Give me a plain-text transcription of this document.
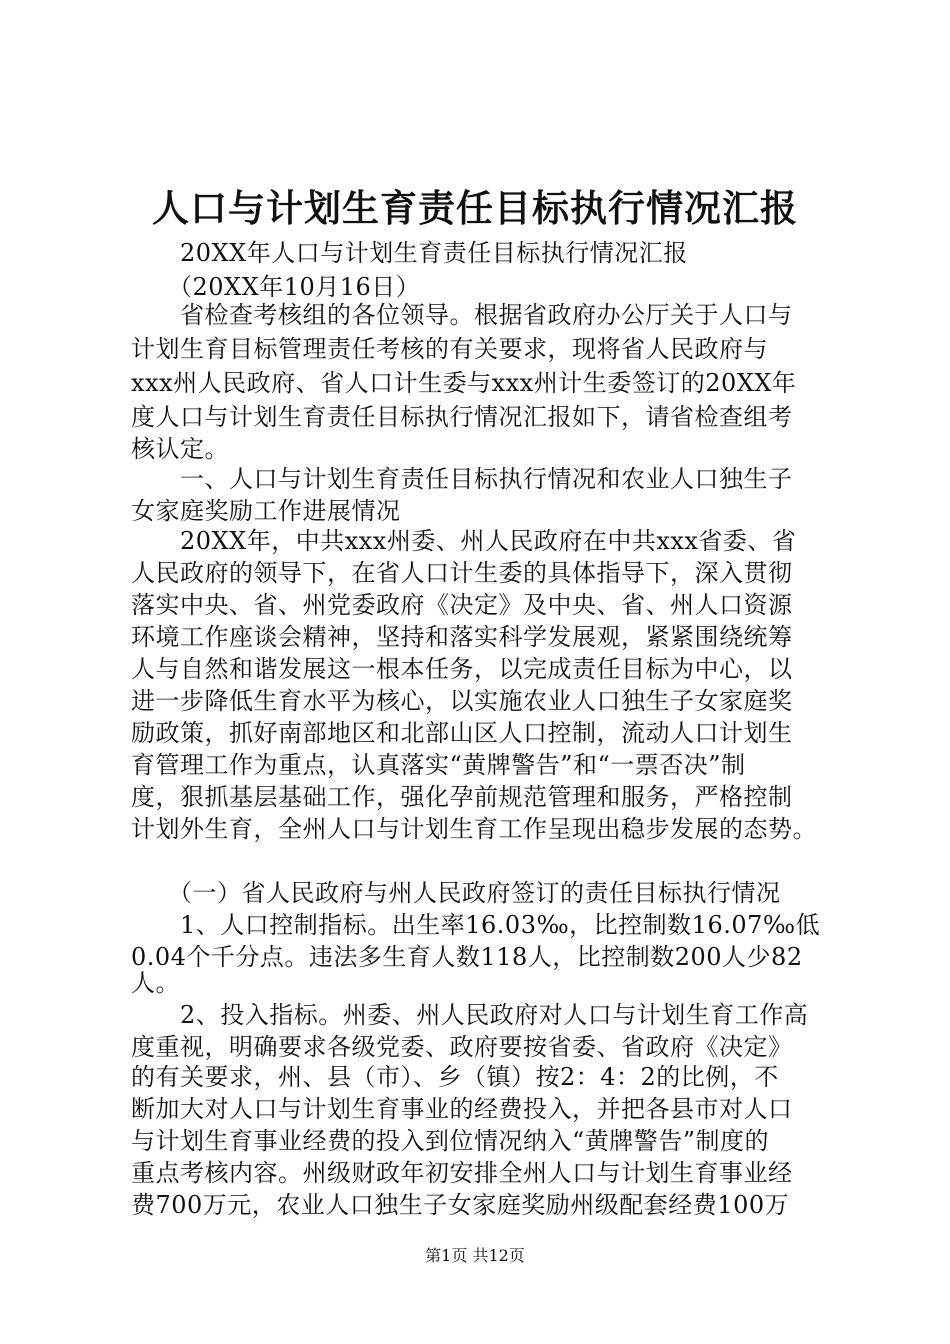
人口与计划生育责任目标执行情况汇报
　　20XX年人口与计划生育责任目标执行情况汇报
　　（20XX年10月16日）
　　省检查考核组的各位领导。根据省政府办公厅关于人口与
计划生育目标管理责任考核的有关要求，现将省人民政府与
xxx州人民政府、省人口计生委与xxx州计生委签订的20XX年
度人口与计划生育责任目标执行情况汇报如下，请省检查组考
核认定。
　　一、人口与计划生育责任目标执行情况和农业人口独生子
女家庭奖励工作进展情况
　　20XX年，中共xxx州委、州人民政府在中共xxx省委、省
人民政府的领导下，在省人口计生委的具体指导下，深入贯彻
落实中央、省、州党委政府《决定》及中央、省、州人口资源
环境工作座谈会精神，坚持和落实科学发展观，紧紧围绕统筹
人与自然和谐发展这一根本任务，以完成责任目标为中心，以
进一步降低生育水平为核心，以实施农业人口独生子女家庭奖
励政策，抓好南部地区和北部山区人口控制，流动人口计划生
育管理工作为重点，认真落实“黄牌警告”和“一票否决”制
度，狠抓基层基础工作，强化孕前规范管理和服务，严格控制
计划外生育，全州人口与计划生育工作呈现出稳步发展的态势。
　　（一）省人民政府与州人民政府签订的责任目标执行情况
　　1、人口控制指标。出生率16.03‰，比控制数16.07‰低
0.04个千分点。违法多生育人数118人，比控制数200人少82
人。
　　2、投入指标。州委、州人民政府对人口与计划生育工作高
度重视，明确要求各级党委、政府要按省委、省政府《决定》
的有关要求，州、县（市）、乡（镇）按2：4：2的比例，不
断加大对人口与计划生育事业的经费投入，并把各县市对人口
与计划生育事业经费的投入到位情况纳入“黄牌警告”制度的
重点考核内容。州级财政年初安排全州人口与计划生育事业经
费700万元，农业人口独生子女家庭奖励州级配套经费100万
第1页 共12页
